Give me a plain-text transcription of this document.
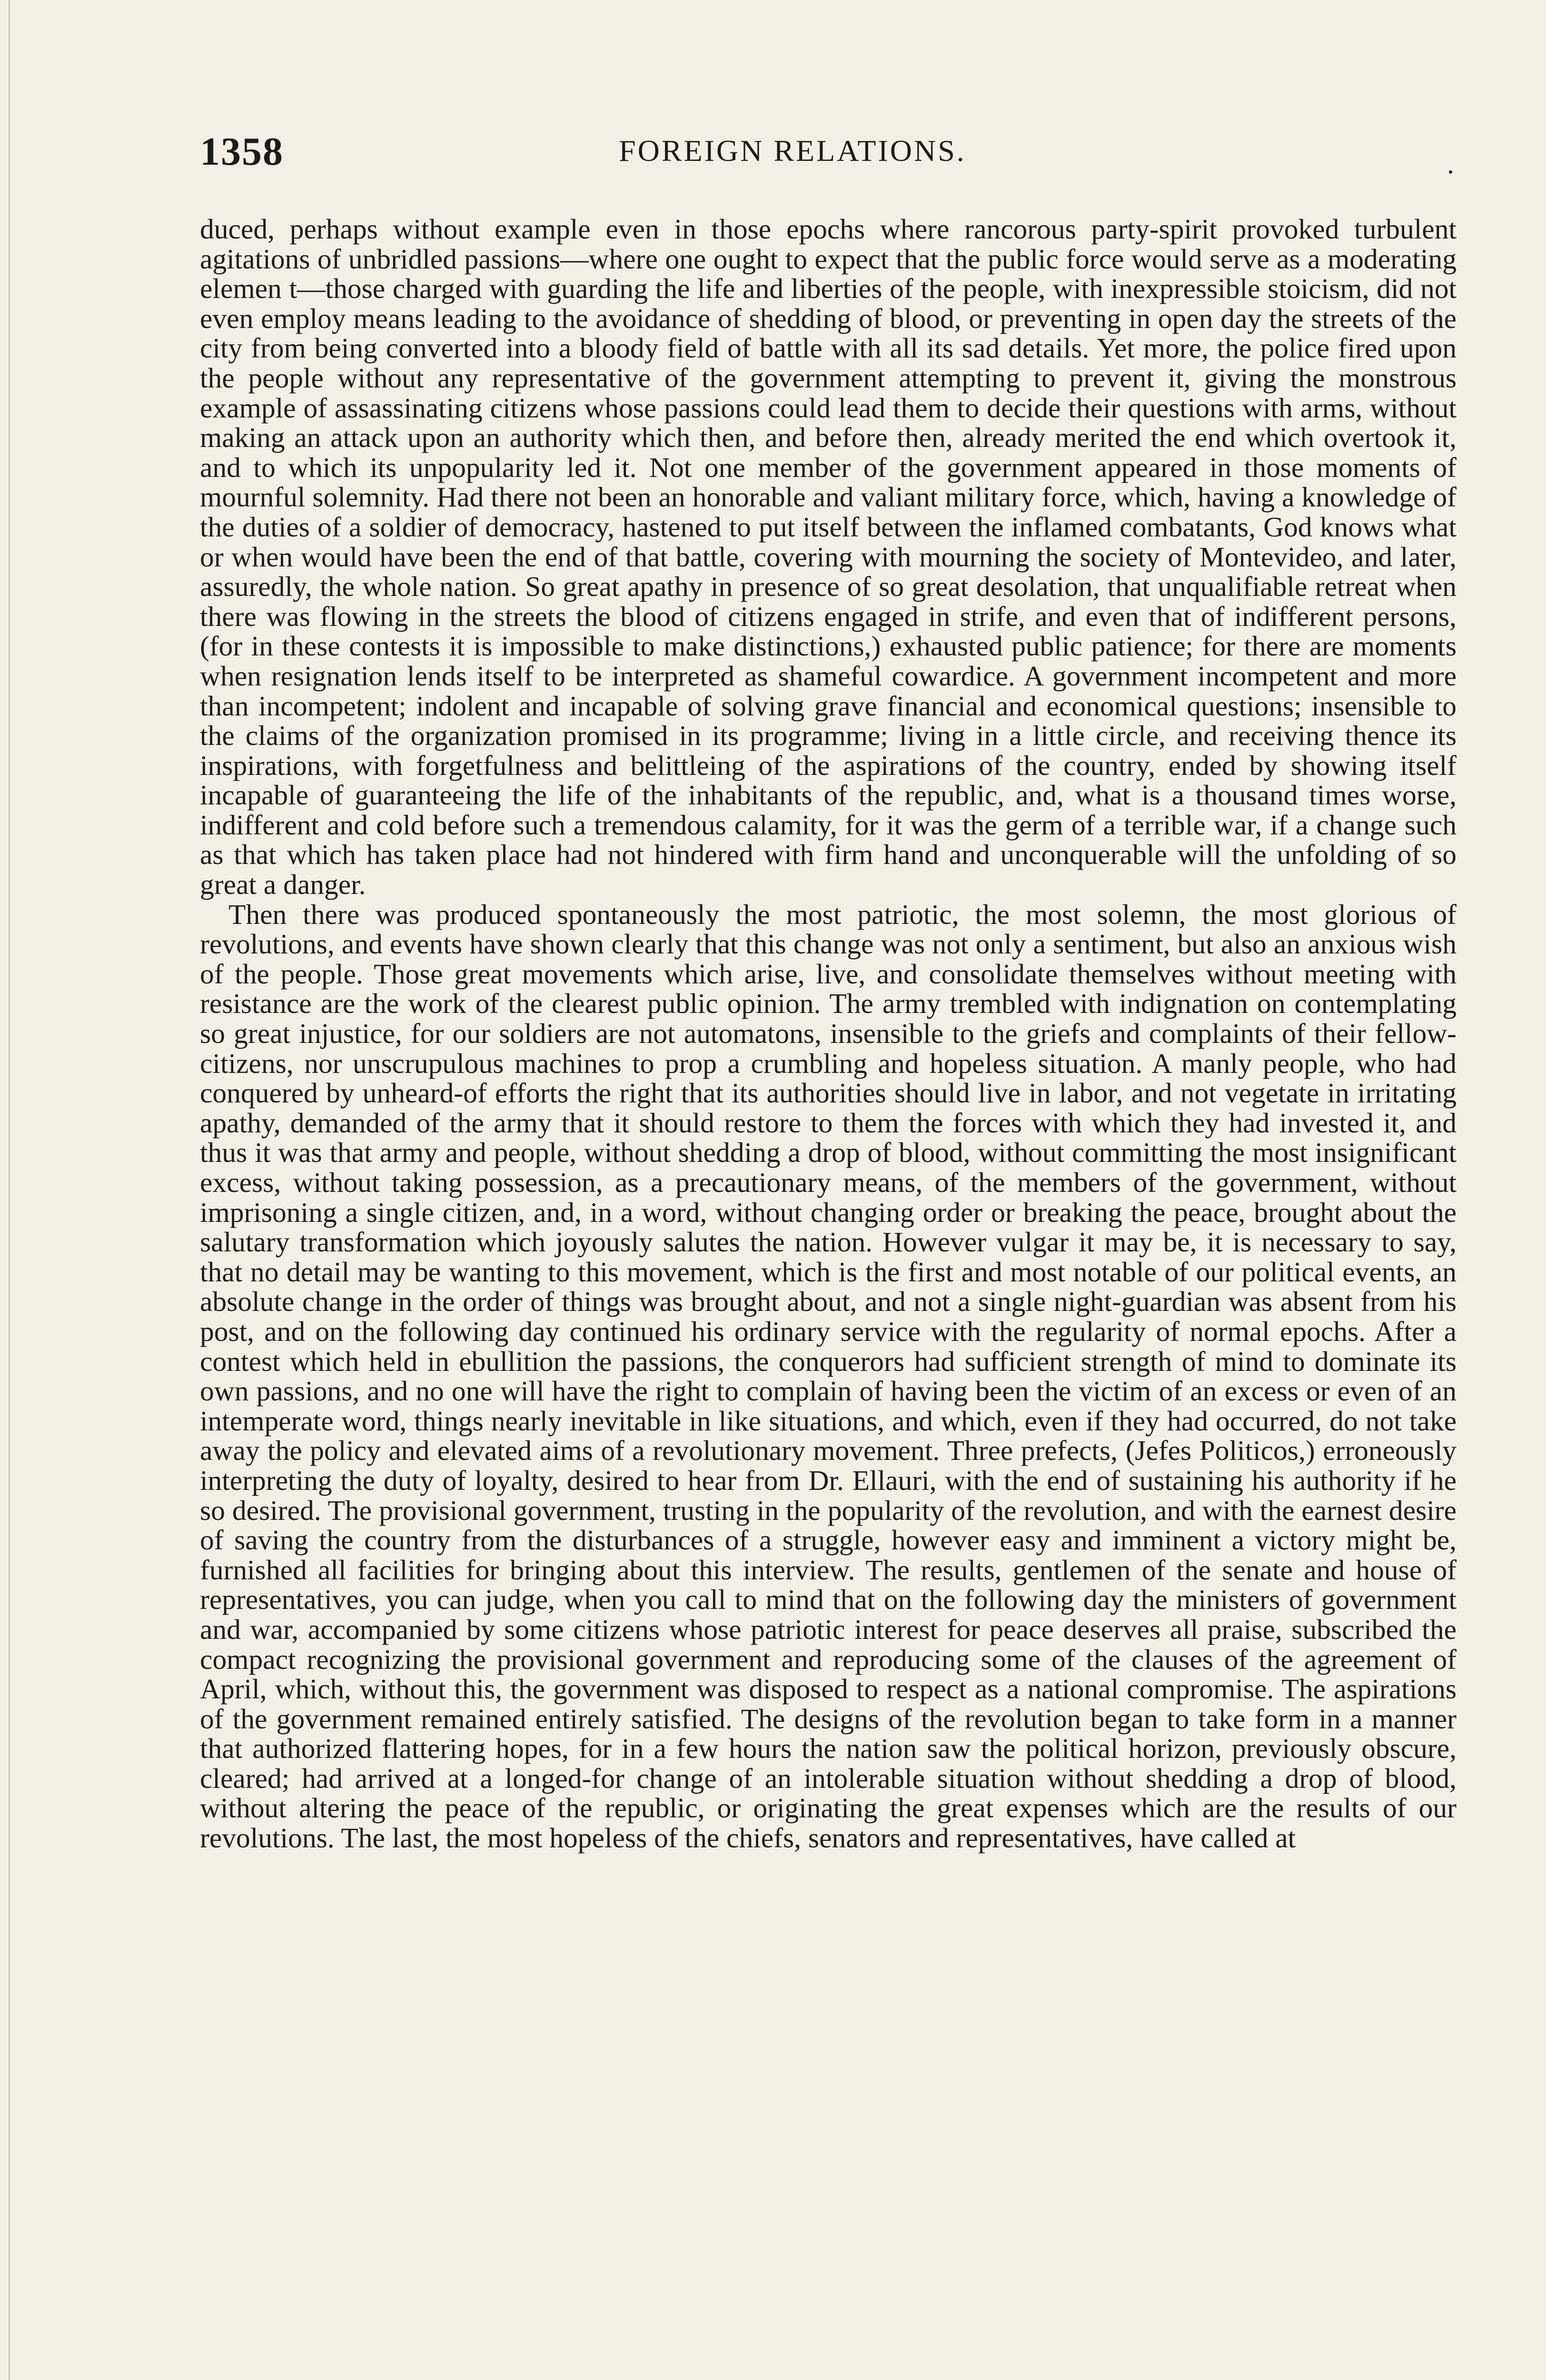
1358	FOREIGN RELATIONS.	.

duced, perhaps without example even in those epochs where rancorous party-spirit provoked turbulent agitations of unbridled passions—where one ought to expect that the public force would serve as a moderating elemen t—those charged with guarding the life and liberties of the people, with inexpressible stoicism, did not even employ means leading to the avoidance of shedding of blood, or preventing in open day the streets of the city from being converted into a bloody field of battle with all its sad details. Yet more, the police fired upon the people without any representative of the government attempting to prevent it, giving the monstrous example of assassinating citizens whose passions could lead them to decide their questions with arms, without making an attack upon an authority which then, and before then, already merited the end which overtook it, and to which its unpopularity led it. Not one member of the government appeared in those moments of mournful solemnity. Had there not been an honorable and valiant military force, which, having a knowledge of the duties of a soldier of democracy, hastened to put itself between the inflamed combatants, God knows what or when would have been the end of that battle, covering with mourning the society of Montevideo, and later, assuredly, the whole nation. So great apathy in presence of so great desolation, that unqualifiable retreat when there was flowing in the streets the blood of citizens engaged in strife, and even that of indifferent persons, (for in these contests it is impossible to make distinctions,) exhausted public patience; for there are moments when resignation lends itself to be interpreted as shameful cowardice. A government incompetent and more than incompetent; indolent and incapable of solving grave financial and economical questions; insensible to the claims of the organization promised in its programme; living in a little circle, and receiving thence its inspirations, with forgetfulness and belittleing of the aspirations of the country, ended by showing itself incapable of guaranteeing the life of the inhabitants of the republic, and, what is a thousand times worse, indifferent and cold before such a tremendous calamity, for it was the germ of a terrible war, if a change such as that which has taken place had not hindered with firm hand and unconquerable will the unfolding of so great a danger.

Then there was produced spontaneously the most patriotic, the most solemn, the most glorious of revolutions, and events have shown clearly that this change was not only a sentiment, but also an anxious wish of the people. Those great movements which arise, live, and consolidate themselves without meeting with resistance are the work of the clearest public opinion. The army trembled with indignation on contemplating so great injustice, for our soldiers are not automatons, insensible to the griefs and complaints of their fellow-citizens, nor unscrupulous machines to prop a crumbling and hopeless situation. A manly people, who had conquered by unheard-of efforts the right that its authorities should live in labor, and not vegetate in irritating apathy, demanded of the army that it should restore to them the forces with which they had invested it, and thus it was that army and people, without shedding a drop of blood, without committing the most insignificant excess, without taking possession, as a precautionary means, of the members of the government, without imprisoning a single citizen, and, in a word, without changing order or breaking the peace, brought about the salutary transformation which joyously salutes the nation. However vulgar it may be, it is necessary to say, that no detail may be wanting to this movement, which is the first and most notable of our political events, an absolute change in the order of things was brought about, and not a single night-guardian was absent from his post, and on the following day continued his ordinary service with the regularity of normal epochs. After a contest which held in ebullition the passions, the conquerors had sufficient strength of mind to dominate its own passions, and no one will have the right to complain of having been the victim of an excess or even of an intemperate word, things nearly inevitable in like situations, and which, even if they had occurred, do not take away the policy and elevated aims of a revolutionary movement. Three prefects, (Jefes Politicos,) erroneously interpreting the duty of loyalty, desired to hear from Dr. Ellauri, with the end of sustaining his authority if he so desired. The provisional government, trusting in the popularity of the revolution, and with the earnest desire of saving the country from the disturbances of a struggle, however easy and imminent a victory might be, furnished all facilities for bringing about this interview. The results, gentlemen of the senate and house of representatives, you can judge, when you call to mind that on the following day the ministers of government and war, accompanied by some citizens whose patriotic interest for peace deserves all praise, subscribed the compact recognizing the provisional government and reproducing some of the clauses of the agreement of April, which, without this, the government was disposed to respect as a national compromise. The aspirations of the government remained entirely satisfied. The designs of the revolution began to take form in a manner that authorized flattering hopes, for in a few hours the nation saw the political horizon, previously obscure, cleared; had arrived at a longed-for change of an intolerable situation without shedding a drop of blood, without altering the peace of the republic, or originating the great expenses which are the results of our revolutions. The last, the most hopeless of the chiefs, senators and representatives, have called at
